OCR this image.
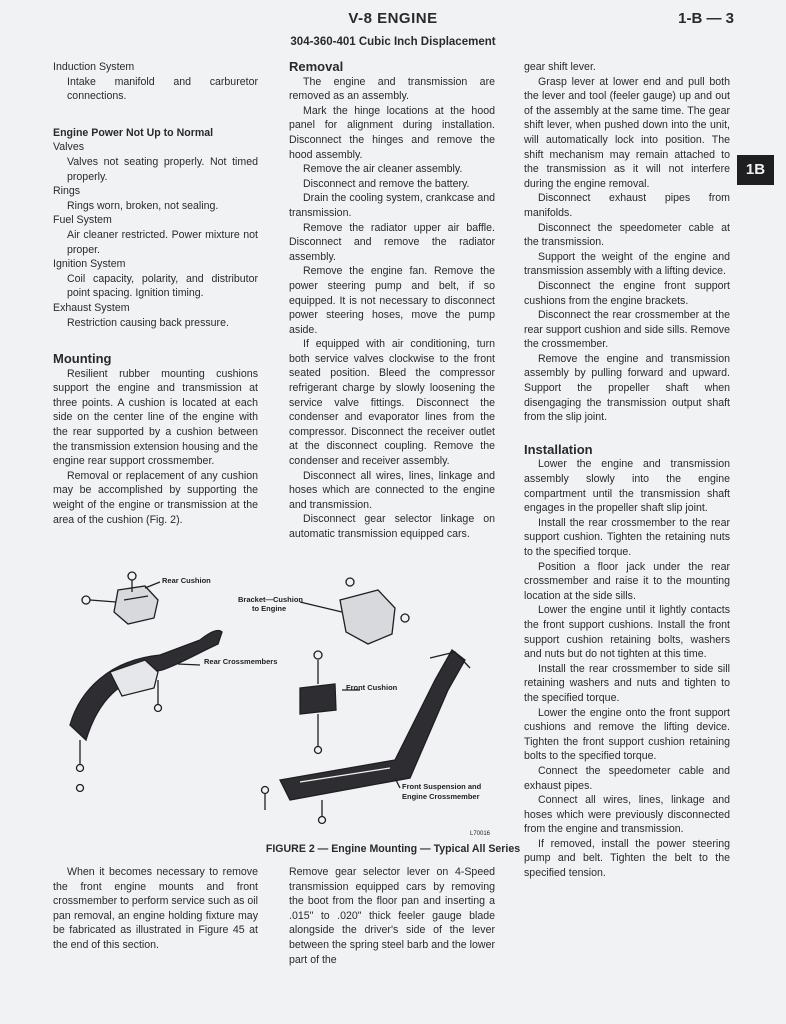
V-8 ENGINE
304-360-401 Cubic Inch Displacement
1-B — 3
1B

Induction System

Intake manifold and carburetor connections.

Engine Power Not Up to Normal

Valves

Valves not seating properly. Not timed properly.

Rings

Rings worn, broken, not sealing.

Fuel System

Air cleaner restricted. Power mixture not proper.

Ignition System

Coil capacity, polarity, and distributor point spacing. Ignition timing.

Exhaust System

Restriction causing back pressure.

Mounting

Resilient rubber mounting cushions support the engine and transmission at three points. A cushion is located at each side on the center line of the engine with the rear supported by a cushion between the transmission extension housing and the engine rear support crossmember.

Removal or replacement of any cushion may be accomplished by supporting the weight of the engine or transmission at the area of the cushion (Fig. 2).

Removal

The engine and transmission are removed as an assembly.

Mark the hinge locations at the hood panel for alignment during installation. Disconnect the hinges and remove the hood assembly.

Remove the air cleaner assembly.

Disconnect and remove the battery.

Drain the cooling system, crankcase and transmission.

Remove the radiator upper air baffle. Disconnect and remove the radiator assembly.

Remove the engine fan. Remove the power steering pump and belt, if so equipped. It is not necessary to disconnect power steering hoses, move the pump aside.

If equipped with air conditioning, turn both service valves clockwise to the front seated position. Bleed the compressor refrigerant charge by slowly loosening the service valve fittings. Disconnect the condenser and evaporator lines from the compressor. Disconnect the receiver outlet at the disconnect coupling. Remove the condenser and receiver assembly.

Disconnect all wires, lines, linkage and hoses which are connected to the engine and transmission.

Disconnect gear selector linkage on automatic transmission equipped cars.

gear shift lever.

Grasp lever at lower end and pull both the lever and tool (feeler gauge) up and out of the assembly at the same time. The gear shift lever, when pushed down into the unit, will automatically lock into position. The shift mechanism may remain attached to the transmission as it will not interfere during the engine removal.

Disconnect exhaust pipes from manifolds.

Disconnect the speedometer cable at the transmission.

Support the weight of the engine and transmission assembly with a lifting device.

Disconnect the engine front support cushions from the engine brackets.

Disconnect the rear crossmember at the rear support cushion and side sills. Remove the crossmember.

Remove the engine and transmission assembly by pulling forward and upward. Support the propeller shaft when disengaging the transmission output shaft from the slip joint.

Installation

Lower the engine and transmission assembly slowly into the engine compartment until the transmission shaft engages in the propeller shaft slip joint.

Install the rear crossmember to the rear support cushion. Tighten the retaining nuts to the specified torque.

Position a floor jack under the rear crossmember and raise it to the mounting location at the side sills.

Lower the engine until it lightly contacts the front support cushions. Install the front support cushion retaining bolts, washers and nuts but do not tighten at this time.

Install the rear crossmember to side sill retaining washers and nuts and tighten to the specified torque.

Lower the engine onto the front support cushions and remove the lifting device. Tighten the front support cushion retaining bolts to the specified torque.

Connect the speedometer cable and exhaust pipes.

Connect all wires, lines, linkage and hoses which were previously disconnected from the engine and transmission.

If removed, install the power steering pump and belt. Tighten the belt to the specified tension.

Rear Cushion
Bracket—Cushion
to Engine
Rear Crossmembers
Front Cushion
Front Suspension and
Engine Crossmember
L70016
FIGURE 2 — Engine Mounting — Typical All Series

When it becomes necessary to remove the front engine mounts and front crossmember to perform service such as oil pan removal, an engine holding fixture may be fabricated as illustrated in Figure 45 at the end of this section.

Remove gear selector lever on 4-Speed transmission equipped cars by removing the boot from the floor pan and inserting a .015" to .020" thick feeler gauge blade alongside the driver's side of the lever between the spring steel barb and the lower part of the
